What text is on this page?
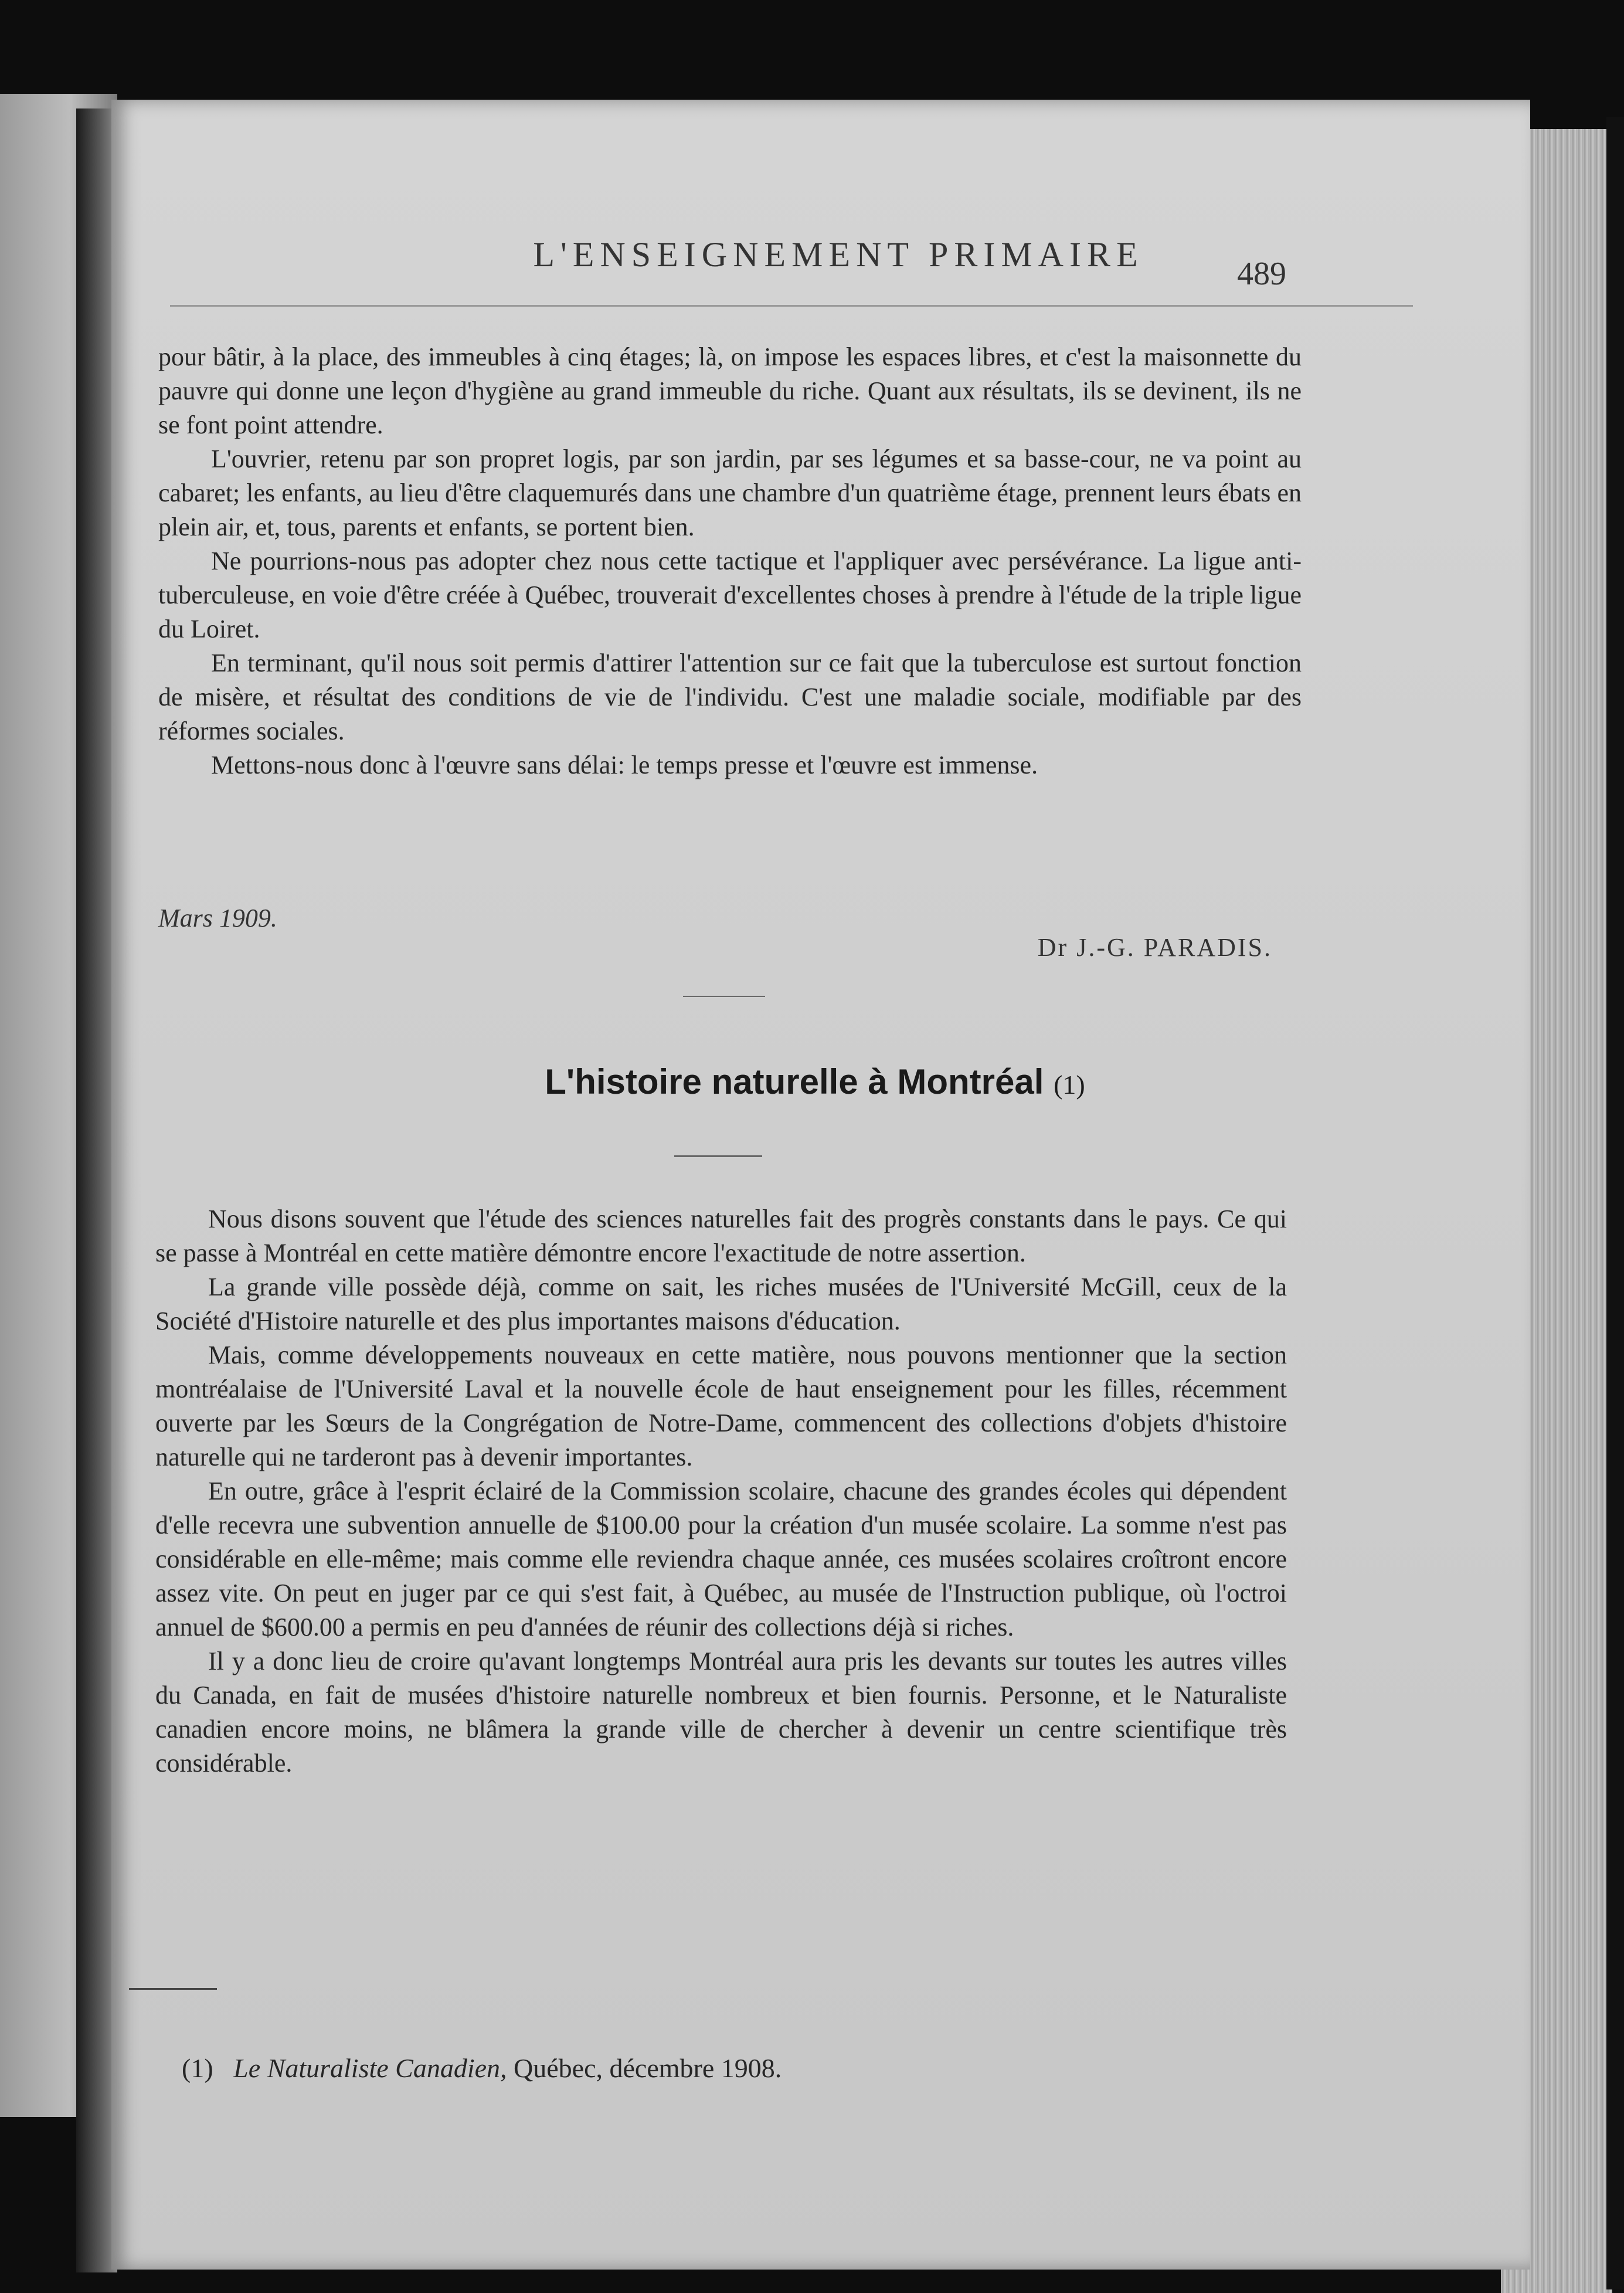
L'ENSEIGNEMENT PRIMAIRE	489

pour bâtir, à la place, des immeubles à cinq étages; là, on impose les espaces libres, et c'est la maisonnette du pauvre qui donne une leçon d'hygiène au grand immeuble du riche. Quant aux résultats, ils se devinent, ils ne se font point attendre.

L'ouvrier, retenu par son propret logis, par son jardin, par ses légumes et sa basse-cour, ne va point au cabaret; les enfants, au lieu d'être claquemurés dans une chambre d'un quatrième étage, prennent leurs ébats en plein air, et, tous, parents et enfants, se portent bien.

Ne pourrions-nous pas adopter chez nous cette tactique et l'appliquer avec persévérance. La ligue anti-tuberculeuse, en voie d'être créée à Québec, trouverait d'excellentes choses à prendre à l'étude de la triple ligue du Loiret.

En terminant, qu'il nous soit permis d'attirer l'attention sur ce fait que la tuberculose est surtout fonction de misère, et résultat des conditions de vie de l'individu. C'est une maladie sociale, modifiable par des réformes sociales.

Mettons-nous donc à l'œuvre sans délai: le temps presse et l'œuvre est immense.

Mars 1909.
Dr J.-G. PARADIS.
L'histoire naturelle à Montréal (1)

Nous disons souvent que l'étude des sciences naturelles fait des progrès constants dans le pays. Ce qui se passe à Montréal en cette matière démontre encore l'exactitude de notre assertion.

La grande ville possède déjà, comme on sait, les riches musées de l'Université McGill, ceux de la Société d'Histoire naturelle et des plus importantes maisons d'éducation.

Mais, comme développements nouveaux en cette matière, nous pouvons mentionner que la section montréalaise de l'Université Laval et la nouvelle école de haut enseignement pour les filles, récemment ouverte par les Sœurs de la Congrégation de Notre-Dame, commencent des collections d'objets d'histoire naturelle qui ne tarderont pas à devenir importantes.

En outre, grâce à l'esprit éclairé de la Commission scolaire, chacune des grandes écoles qui dépendent d'elle recevra une subvention annuelle de $100.00 pour la création d'un musée scolaire. La somme n'est pas considérable en elle-même; mais comme elle reviendra chaque année, ces musées scolaires croîtront encore assez vite. On peut en juger par ce qui s'est fait, à Québec, au musée de l'Instruction publique, où l'octroi annuel de $600.00 a permis en peu d'années de réunir des collections déjà si riches.

Il y a donc lieu de croire qu'avant longtemps Montréal aura pris les devants sur toutes les autres villes du Canada, en fait de musées d'histoire naturelle nombreux et bien fournis. Personne, et le Naturaliste canadien encore moins, ne blâmera la grande ville de chercher à devenir un centre scientifique très considérable.

(1) Le Naturaliste Canadien, Québec, décembre 1908.
